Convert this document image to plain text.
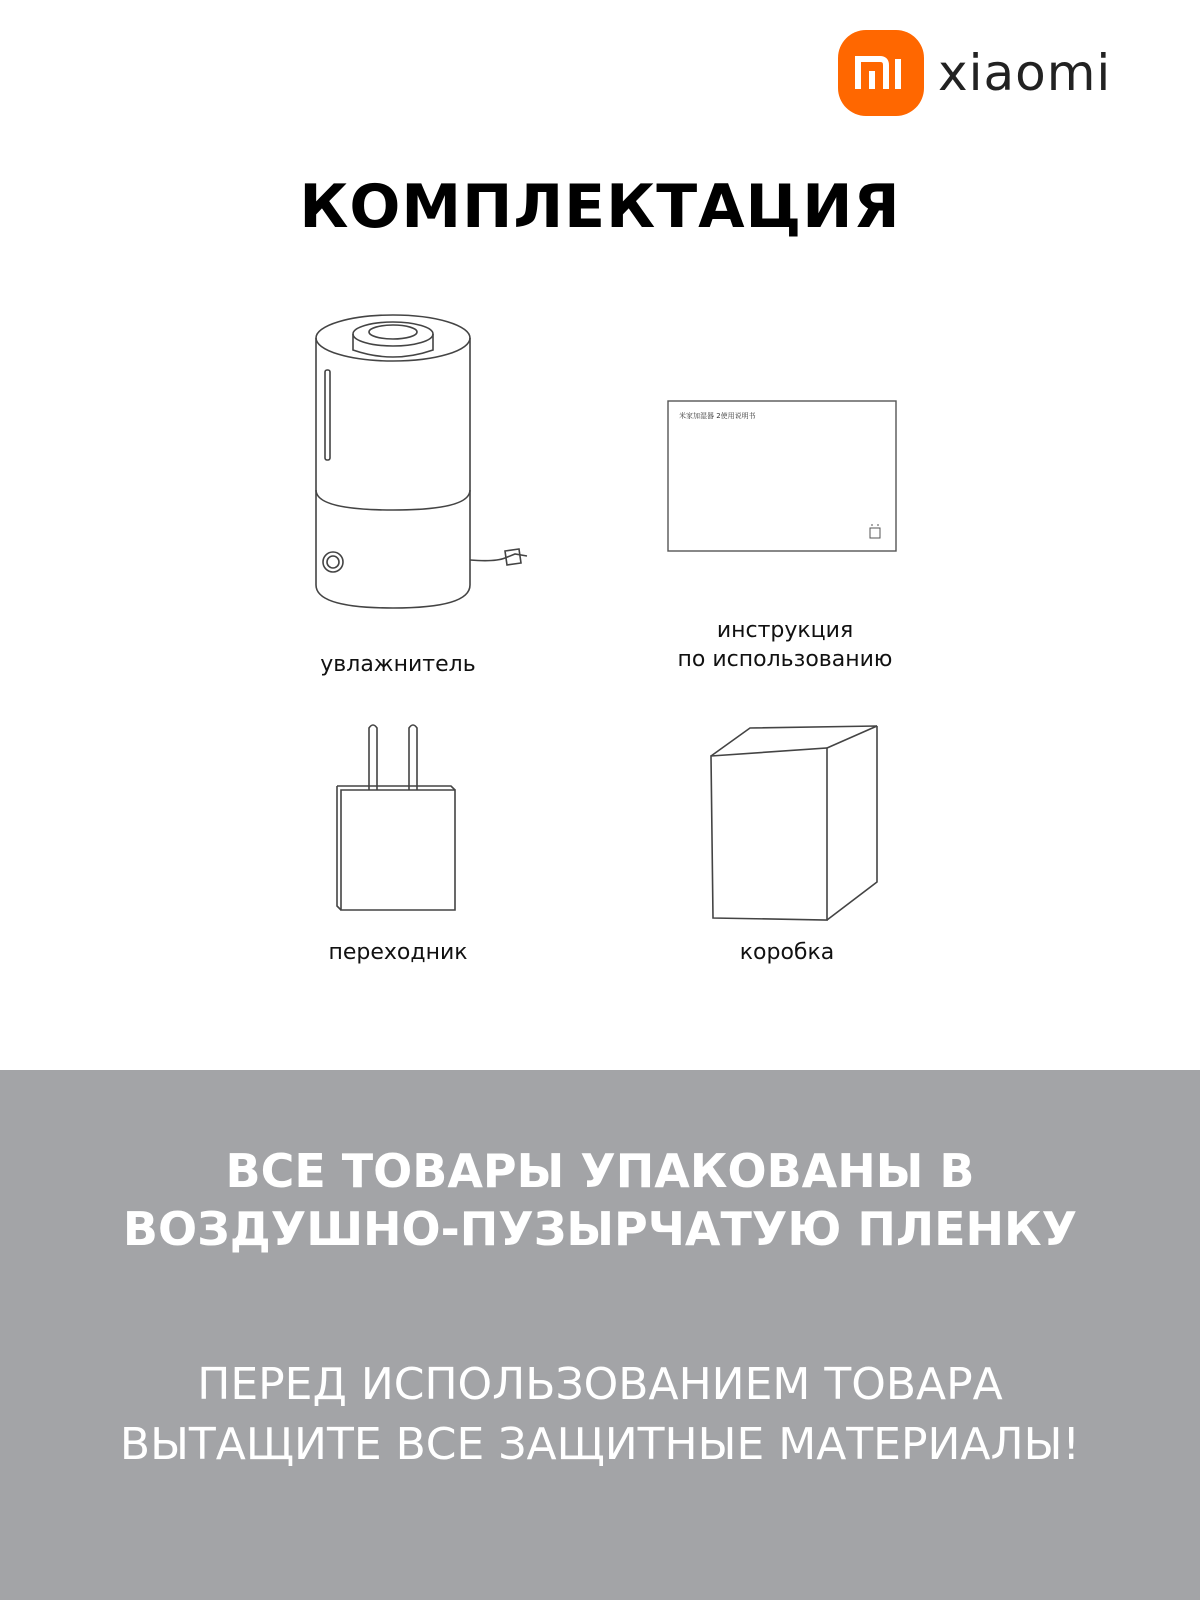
xiaomi
КОМПЛЕКТАЦИЯ
увлажнитель
米家加湿器 2使用说明书
инструкция
по использованию
переходник	коробка
ВСЕ ТОВАРЫ УПАКОВАНЫ В
ВОЗДУШНО-ПУЗЫРЧАТУЮ ПЛЕНКУ
ПЕРЕД ИСПОЛЬЗОВАНИЕМ ТОВАРА
ВЫТАЩИТЕ ВСЕ ЗАЩИТНЫЕ МАТЕРИАЛЫ!
